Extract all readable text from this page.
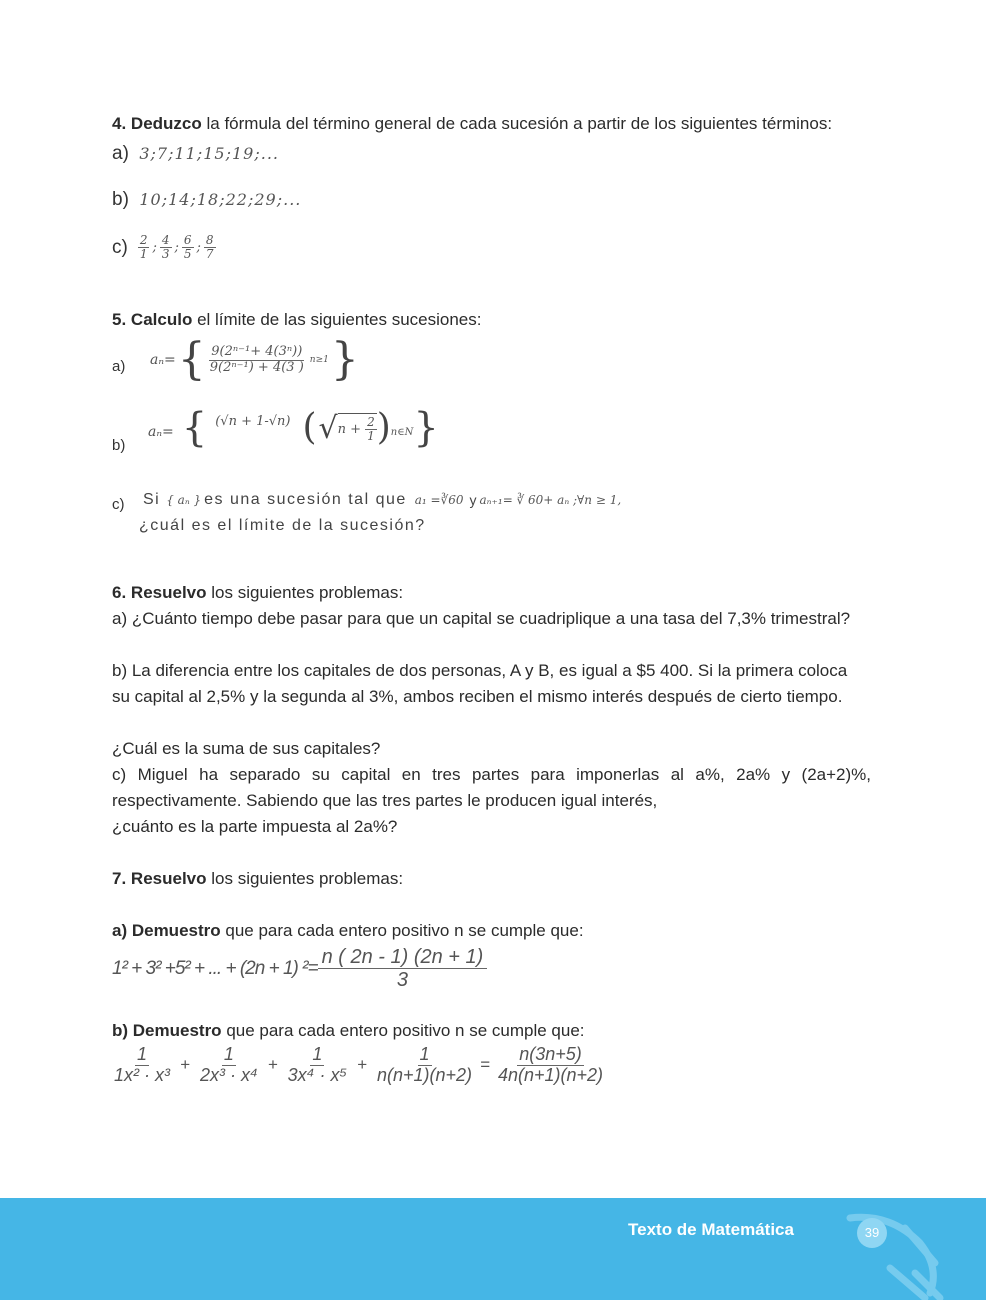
4. Deduzco la fórmula del término general de cada sucesión a partir de los siguientes términos:
a) 3;7;11;15;19;...
b) 10;14;18;22;29;...
$c) \frac{2}{1}$ ; $\frac{4}{3}$ ; $\frac{6}{5}$ ; $\frac{8}{7}$
5. Calculo el límite de las siguientes sucesiones:
a) aₙ= { $\frac{\text{9(2ⁿ⁻¹+ 4(3ⁿ))}}{\text{9(2ⁿ⁻¹) + 4(3 )}} n\ge 1$ }
b)
aₙ= { (√n + 1-√n) ( √ $n + \frac{2}{1}$ ) n∈N }
c) Si { aₙ } es una sucesión tal que a₁ =∛60 y aₙ₊₁= ∛ 60+ aₙ ;∀n ≥ 1,
¿cuál es el límite de la sucesión?
6. Resuelvo los siguientes problemas:
a) ¿Cuánto tiempo debe pasar para que un capital se cuadriplique a una tasa del 7,3% trimestral?
b) La diferencia entre los capitales de dos personas, A y B, es igual a $5 400. Si la primera coloca
su capital al 2,5% y la segunda al 3%, ambos reciben el mismo interés después de cierto tiempo.
¿Cuál es la suma de sus capitales?
c) Miguel ha separado su capital en tres partes para imponerlas al a%, 2a% y (2a+2)%,
respectivamente. Sabiendo que las tres partes le producen igual interés,
¿cuánto es la parte impuesta al 2a%?
7. Resuelvo los siguientes problemas:
a) Demuestro que para cada entero positivo n se cumple que:
1² + 3² +5² + ... + (2n + 1) $^2= \frac{n ( 2n - 1) (2n + 1)}{3}$
b) Demuestro que para cada entero positivo n se cumple que:
$\frac{1}{\text{1x² · x³}} + \frac{1}{\text{2x³ · x⁴}} + \frac{1}{\text{3x⁴ · x⁵}} + \frac{1}{n(n+1)(n+2)} = \frac{n(3n+5)}{4n(n+1)(n+2)}$
Texto de Matemática	39
